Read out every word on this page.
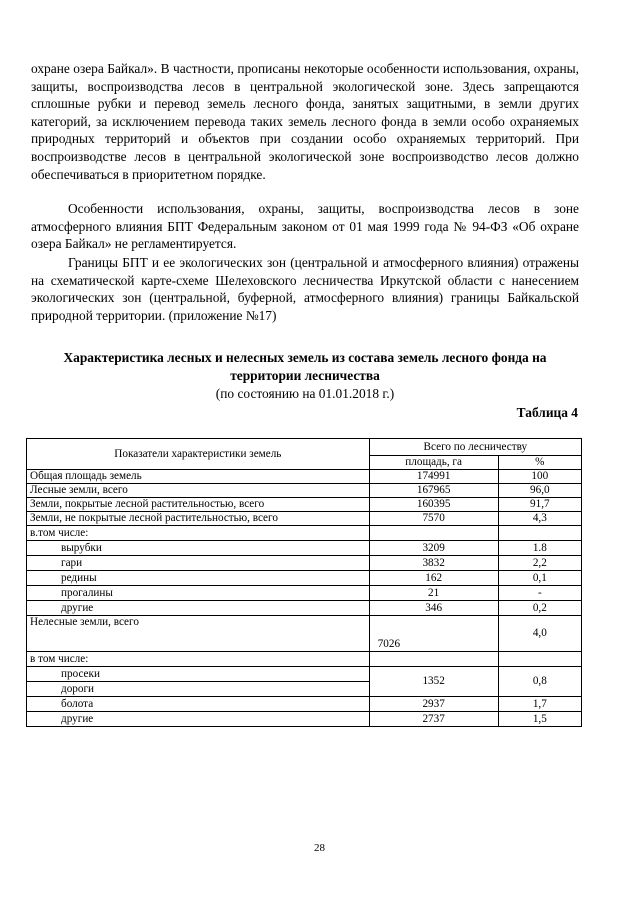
охране озера Байкал». В частности, прописаны некоторые особенности использования, охраны, защиты, воспроизводства лесов в центральной экологической зоне. Здесь запрещаются сплошные рубки и перевод земель лесного фонда, занятых защитными, в земли других категорий, за исключением перевода таких земель лесного фонда в земли особо охраняемых природных территорий и объектов при создании особо охраняемых территорий. При воспроизводстве лесов в центральной экологической зоне воспроизводство лесов должно обеспечиваться в приоритетном порядке.

Особенности использования, охраны, защиты, воспроизводства лесов в зоне атмосферного влияния БПТ Федеральным законом от 01 мая 1999 года № 94-ФЗ «Об охране озера Байкал» не регламентируется.

Границы БПТ и ее экологических зон (центральной и атмосферного влияния) отражены на схематической карте-схеме Шелеховского лесничества Иркутской области с нанесением экологических зон (центральной, буферной, атмосферного влияния) границы Байкальской природной территории. (приложение №17)

Характеристика лесных и нелесных земель из состава земель лесного фонда на территории лесничества

(по состоянию на 01.01.2018 г.)

Таблица 4

Показатели характеристики земель	Всего по лесничеству	
	площадь, га	%
Общая площадь земель	174991	100
Лесные земли, всего	167965	96,0
Земли, покрытые лесной растительностью, всего	160395	91,7
Земли, не покрытые лесной растительностью, всего	7570	4,3
в.том числе:		
вырубки	3209	1.8
гари	3832	2,2
редины	162	0,1
прогалины	21	-
другие	346	0,2
Нелесные земли, всего	7026	4,0
в том числе:		
просеки	1352	0,8
дороги		
болота	2937	1,7
другие	2737	1,5
28
